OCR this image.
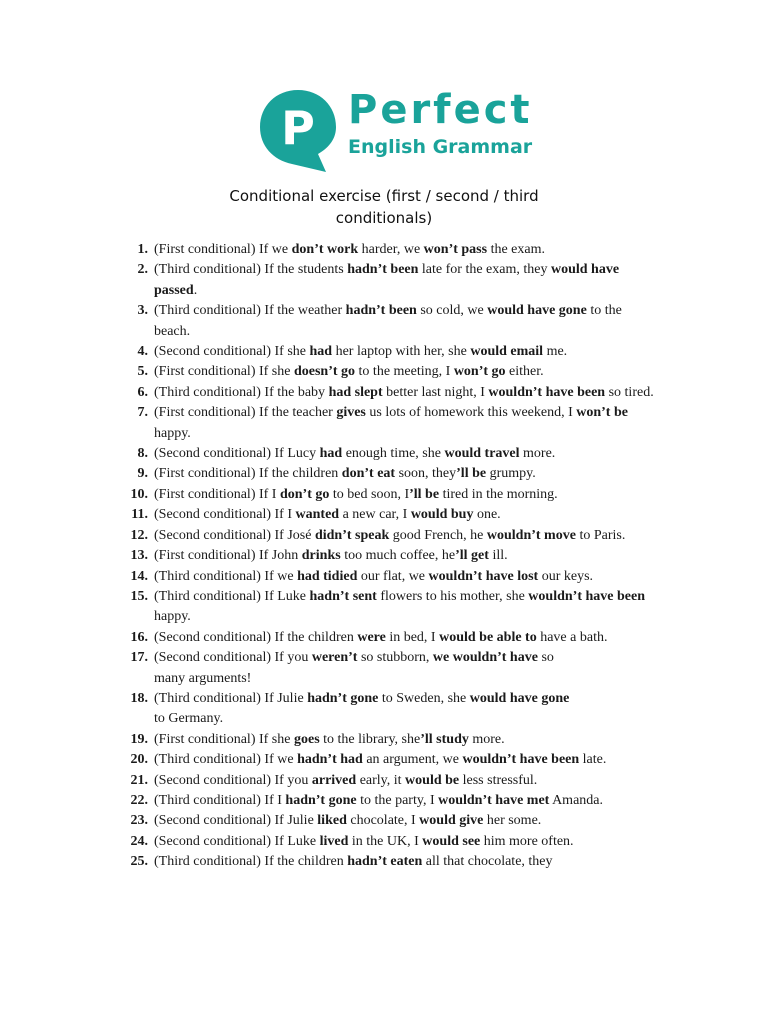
P Perfect
English Grammar
Conditional exercise (first / second / third
conditionals)
1. (First conditional) If we don’t work harder, we won’t pass the exam.
2. (Third conditional) If the students hadn’t been late for the exam, they would have passed.
3. (Third conditional) If the weather hadn’t been so cold, we would have gone to the beach.
4. (Second conditional) If she had her laptop with her, she would email me.
5. (First conditional) If she doesn’t go to the meeting, I won’t go either.
6. (Third conditional) If the baby had slept better last night, I wouldn’t have been so tired.
7. (First conditional) If the teacher gives us lots of homework this weekend, I won’t be
happy.
8. (Second conditional) If Lucy had enough time, she would travel more.
9. (First conditional) If the children don’t eat soon, they’ll be grumpy.
10. (First conditional) If I don’t go to bed soon, I’ll be tired in the morning.
11. (Second conditional) If I wanted a new car, I would buy one.
12. (Second conditional) If José didn’t speak good French, he wouldn’t move to Paris.
13. (First conditional) If John drinks too much coffee, he’ll get ill.
14. (Third conditional) If we had tidied our flat, we wouldn’t have lost our keys.
15. (Third conditional) If Luke hadn’t sent flowers to his mother, she wouldn’t have been happy.
16. (Second conditional) If the children were in bed, I would be able to have a bath.
17. (Second conditional) If you weren’t so stubborn, we wouldn’t have so
many arguments!
18. (Third conditional) If Julie hadn’t gone to Sweden, she would have gone
to Germany.
19. (First conditional) If she goes to the library, she’ll study more.
20. (Third conditional) If we hadn’t had an argument, we wouldn’t have been late.
21. (Second conditional) If you arrived early, it would be less stressful.
22. (Third conditional) If I hadn’t gone to the party, I wouldn’t have met Amanda.
23. (Second conditional) If Julie liked chocolate, I would give her some.
24. (Second conditional) If Luke lived in the UK, I would see him more often.
25. (Third conditional) If the children hadn’t eaten all that chocolate, they
